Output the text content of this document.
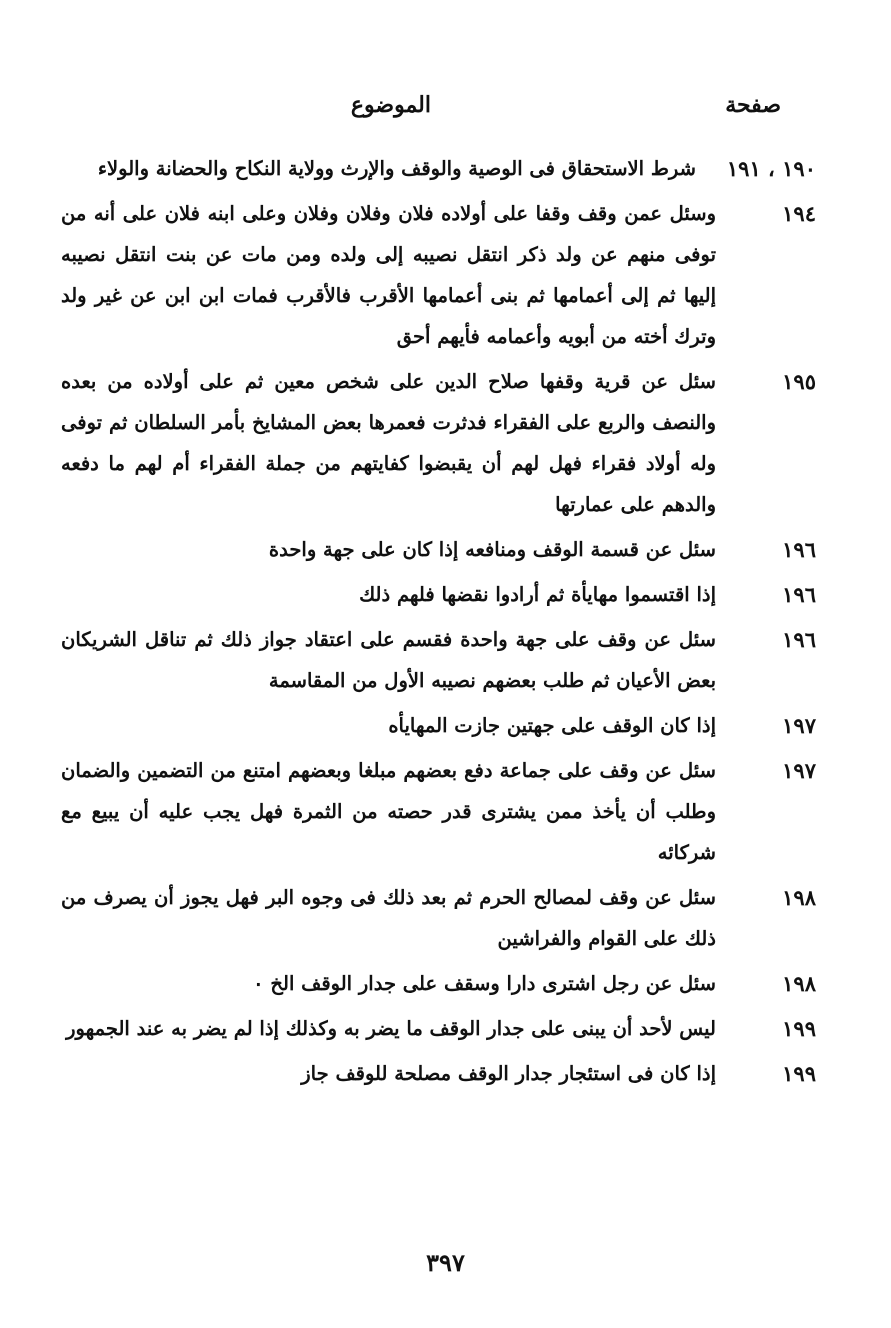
صفحة
الموضوع
١٩٠ ، ١٩١
شرط الاستحقاق فى الوصية والوقف والإرث وولاية النكاح والحضانة والولاء
١٩٤
وسئل عمن وقف وقفا على أولاده فلان وفلان وفلان وعلى ابنه فلان على أنه من توفى منهم عن ولد ذكر انتقل نصيبه إلى ولده ومن مات عن بنت انتقل نصيبه إليها ثم إلى أعمامها ثم بنى أعمامها الأقرب فالأقرب فمات ابن ابن عن غير ولد وترك أخته من أبويه وأعمامه فأيهم أحق
١٩٥
سئل عن قرية وقفها صلاح الدين على شخص معين ثم على أولاده من بعده والنصف والربع على الفقراء فدثرت فعمرها بعض المشايخ بأمر السلطان ثم توفى وله أولاد فقراء فهل لهم أن يقبضوا كفايتهم من جملة الفقراء أم لهم ما دفعه والدهم على عمارتها
١٩٦
سئل عن قسمة الوقف ومنافعه إذا كان على جهة واحدة
١٩٦
إذا اقتسموا مهايأة ثم أرادوا نقضها فلهم ذلك
١٩٦
سئل عن وقف على جهة واحدة فقسم على اعتقاد جواز ذلك ثم تناقل الشريكان بعض الأعيان ثم طلب بعضهم نصيبه الأول من المقاسمة
١٩٧
إذا كان الوقف على جهتين جازت المهايأه
١٩٧
سئل عن وقف على جماعة دفع بعضهم مبلغا وبعضهم امتنع من التضمين والضمان وطلب أن يأخذ ممن يشترى قدر حصته من الثمرة فهل يجب عليه أن يبيع مع شركائه
١٩٨
سئل عن وقف لمصالح الحرم ثم بعد ذلك فى وجوه البر فهل يجوز أن يصرف من ذلك على القوام والفراشين
١٩٨
سئل عن رجل اشترى دارا وسقف على جدار الوقف الخ ٠
١٩٩
ليس لأحد أن يبنى على جدار الوقف ما يضر به وكذلك إذا لم يضر به عند الجمهور
١٩٩
إذا كان فى استئجار جدار الوقف مصلحة للوقف جاز
٣٩٧
